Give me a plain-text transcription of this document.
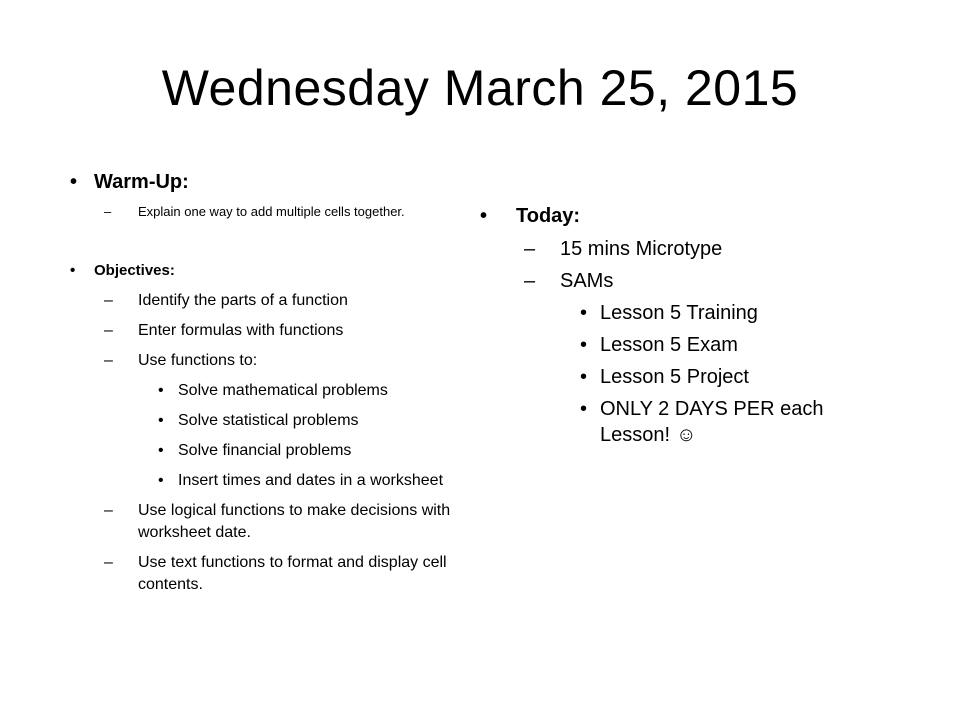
Wednesday March 25, 2015
• Warm-Up:
– Explain one way to add multiple cells together.
• Objectives:
– Identify the parts of a function
– Enter formulas with functions
– Use functions to:
• Solve mathematical problems
• Solve statistical problems
• Solve financial problems
• Insert times and dates in a worksheet
– Use logical functions to make decisions with worksheet date.
– Use text functions to format and display cell contents.
• Today:
– 15 mins Microtype
– SAMs
• Lesson 5 Training
• Lesson 5 Exam
• Lesson 5 Project
• ONLY 2 DAYS PER each Lesson! ☺
